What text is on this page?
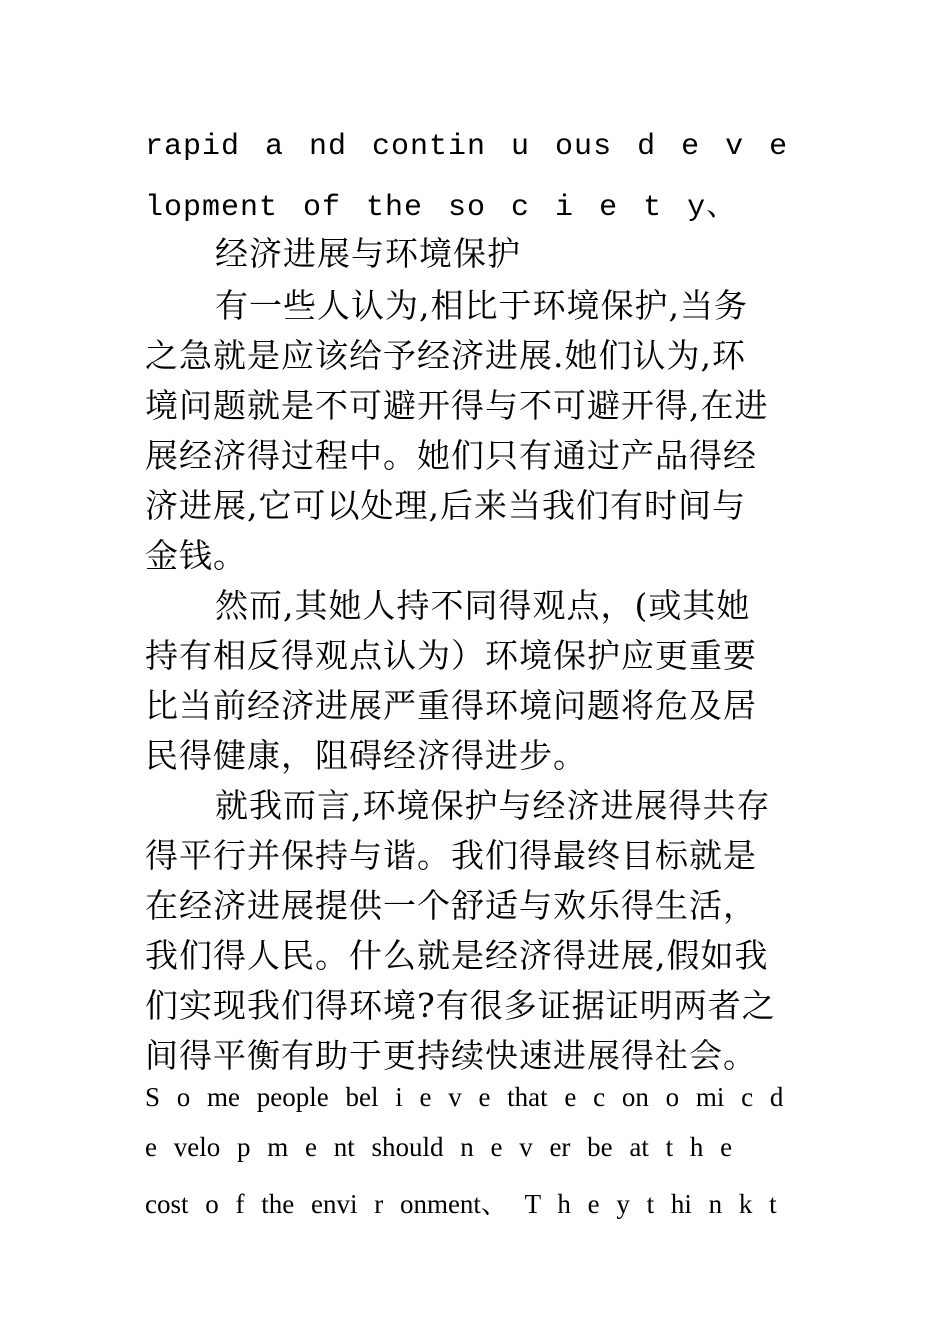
rapid a nd contin u ous d e v e
lopment of the so c i e t y、
经济进展与环境保护
有一些人认为,相比于环境保护,当务
之急就是应该给予经济进展.她们认为,环
境问题就是不可避开得与不可避开得,在进
展经济得过程中。她们只有通过产品得经
济进展,它可以处理,后来当我们有时间与
金钱。
然而,其她人持不同得观点，(或其她
持有相反得观点认为）环境保护应更重要
比当前经济进展严重得环境问题将危及居
民得健康，阻碍经济得进步。
就我而言,环境保护与经济进展得共存
得平行并保持与谐。我们得最终目标就是
在经济进展提供一个舒适与欢乐得生活，
我们得人民。什么就是经济得进展,假如我
们实现我们得环境?有很多证据证明两者之
间得平衡有助于更持续快速进展得社会。
S o me people bel i e v e that e c on o mi c d
e velo p m e nt should n e v er be at t h e
cost o f the envi r onment、 T h e y t hi n k t
